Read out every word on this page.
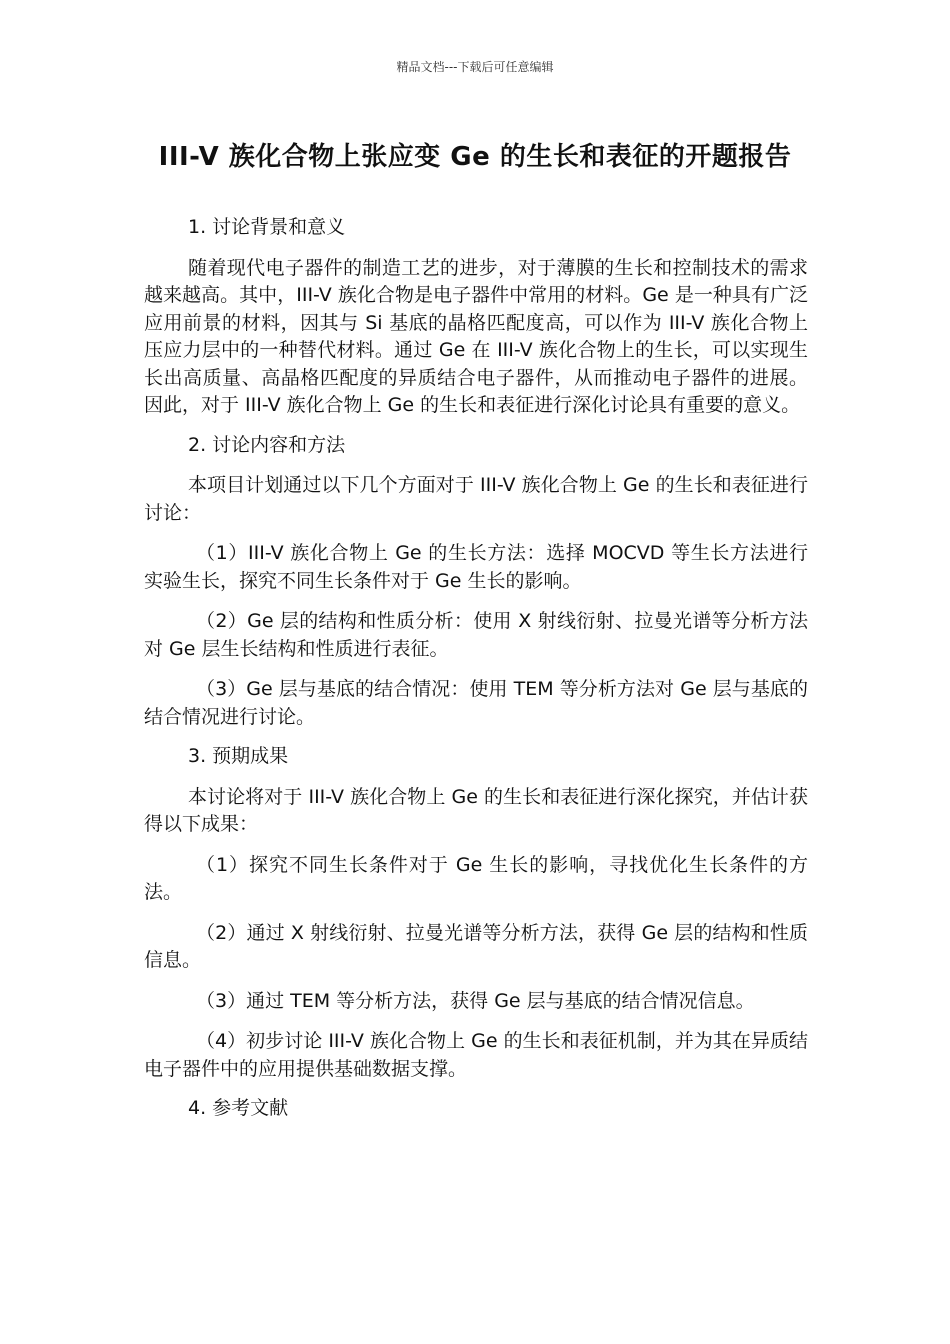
精品文档---下载后可任意编辑
III-V 族化合物上张应变 Ge 的生长和表征的开题报告

1. 讨论背景和意义

随着现代电子器件的制造工艺的进步，对于薄膜的生长和控制技术的需求越来越高。其中，III-V 族化合物是电子器件中常用的材料。Ge 是一种具有广泛应用前景的材料，因其与 Si 基底的晶格匹配度高，可以作为 III-V 族化合物上压应力层中的一种替代材料。通过 Ge 在 III-V 族化合物上的生长，可以实现生长出高质量、高晶格匹配度的异质结合电子器件，从而推动电子器件的进展。因此，对于 III-V 族化合物上 Ge 的生长和表征进行深化讨论具有重要的意义。

2. 讨论内容和方法

本项目计划通过以下几个方面对于 III-V 族化合物上 Ge 的生长和表征进行讨论：

（1）III-V 族化合物上 Ge 的生长方法：选择 MOCVD 等生长方法进行实验生长，探究不同生长条件对于 Ge 生长的影响。

（2）Ge 层的结构和性质分析：使用 X 射线衍射、拉曼光谱等分析方法对 Ge 层生长结构和性质进行表征。

（3）Ge 层与基底的结合情况：使用 TEM 等分析方法对 Ge 层与基底的结合情况进行讨论。

3. 预期成果

本讨论将对于 III-V 族化合物上 Ge 的生长和表征进行深化探究，并估计获得以下成果：

（1）探究不同生长条件对于 Ge 生长的影响，寻找优化生长条件的方法。

（2）通过 X 射线衍射、拉曼光谱等分析方法，获得 Ge 层的结构和性质信息。

（3）通过 TEM 等分析方法，获得 Ge 层与基底的结合情况信息。

（4）初步讨论 III-V 族化合物上 Ge 的生长和表征机制，并为其在异质结电子器件中的应用提供基础数据支撑。

4. 参考文献
